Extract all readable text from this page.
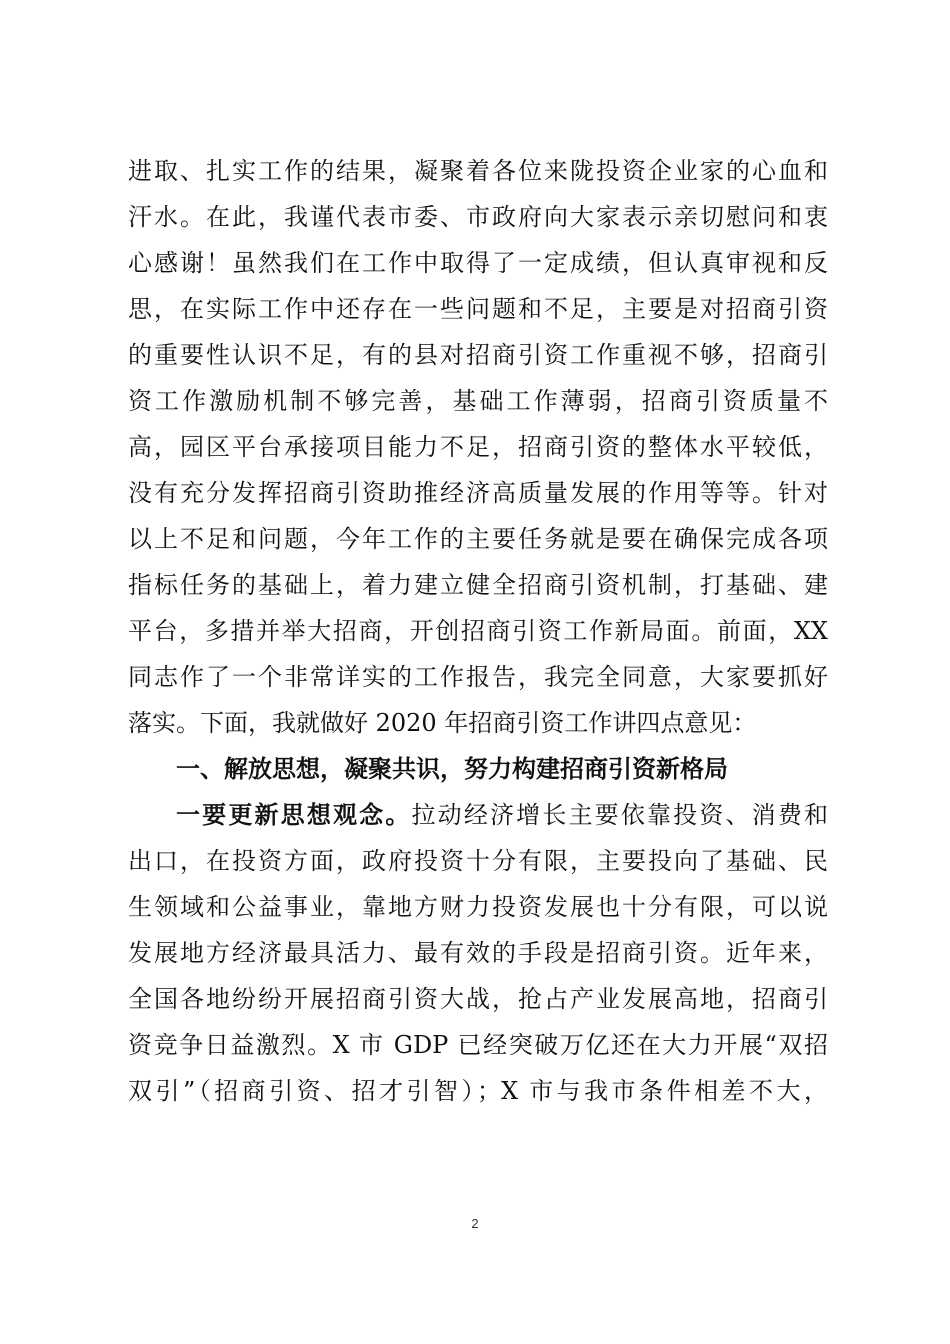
进取、扎实工作的结果，凝聚着各位来陇投资企业家的心血和
汗水。在此，我谨代表市委、市政府向大家表示亲切慰问和衷
心感谢！虽然我们在工作中取得了一定成绩，但认真审视和反
思，在实际工作中还存在一些问题和不足，主要是对招商引资
的重要性认识不足，有的县对招商引资工作重视不够，招商引
资工作激励机制不够完善，基础工作薄弱，招商引资质量不
高，园区平台承接项目能力不足，招商引资的整体水平较低，
没有充分发挥招商引资助推经济高质量发展的作用等等。针对
以上不足和问题，今年工作的主要任务就是要在确保完成各项
指标任务的基础上，着力建立健全招商引资机制，打基础、建
平台，多措并举大招商，开创招商引资工作新局面。前面，XX
同志作了一个非常详实的工作报告，我完全同意，大家要抓好
落实。下面，我就做好 2020 年招商引资工作讲四点意见：
一、解放思想，凝聚共识，努力构建招商引资新格局
一要更新思想观念。拉动经济增长主要依靠投资、消费和
出口，在投资方面，政府投资十分有限，主要投向了基础、民
生领域和公益事业，靠地方财力投资发展也十分有限，可以说
发展地方经济最具活力、最有效的手段是招商引资。近年来，
全国各地纷纷开展招商引资大战，抢占产业发展高地，招商引
资竞争日益激烈。X 市 GDP 已经突破万亿还在大力开展“双招
双引”（招商引资、招才引智）；X 市与我市条件相差不大，
2
